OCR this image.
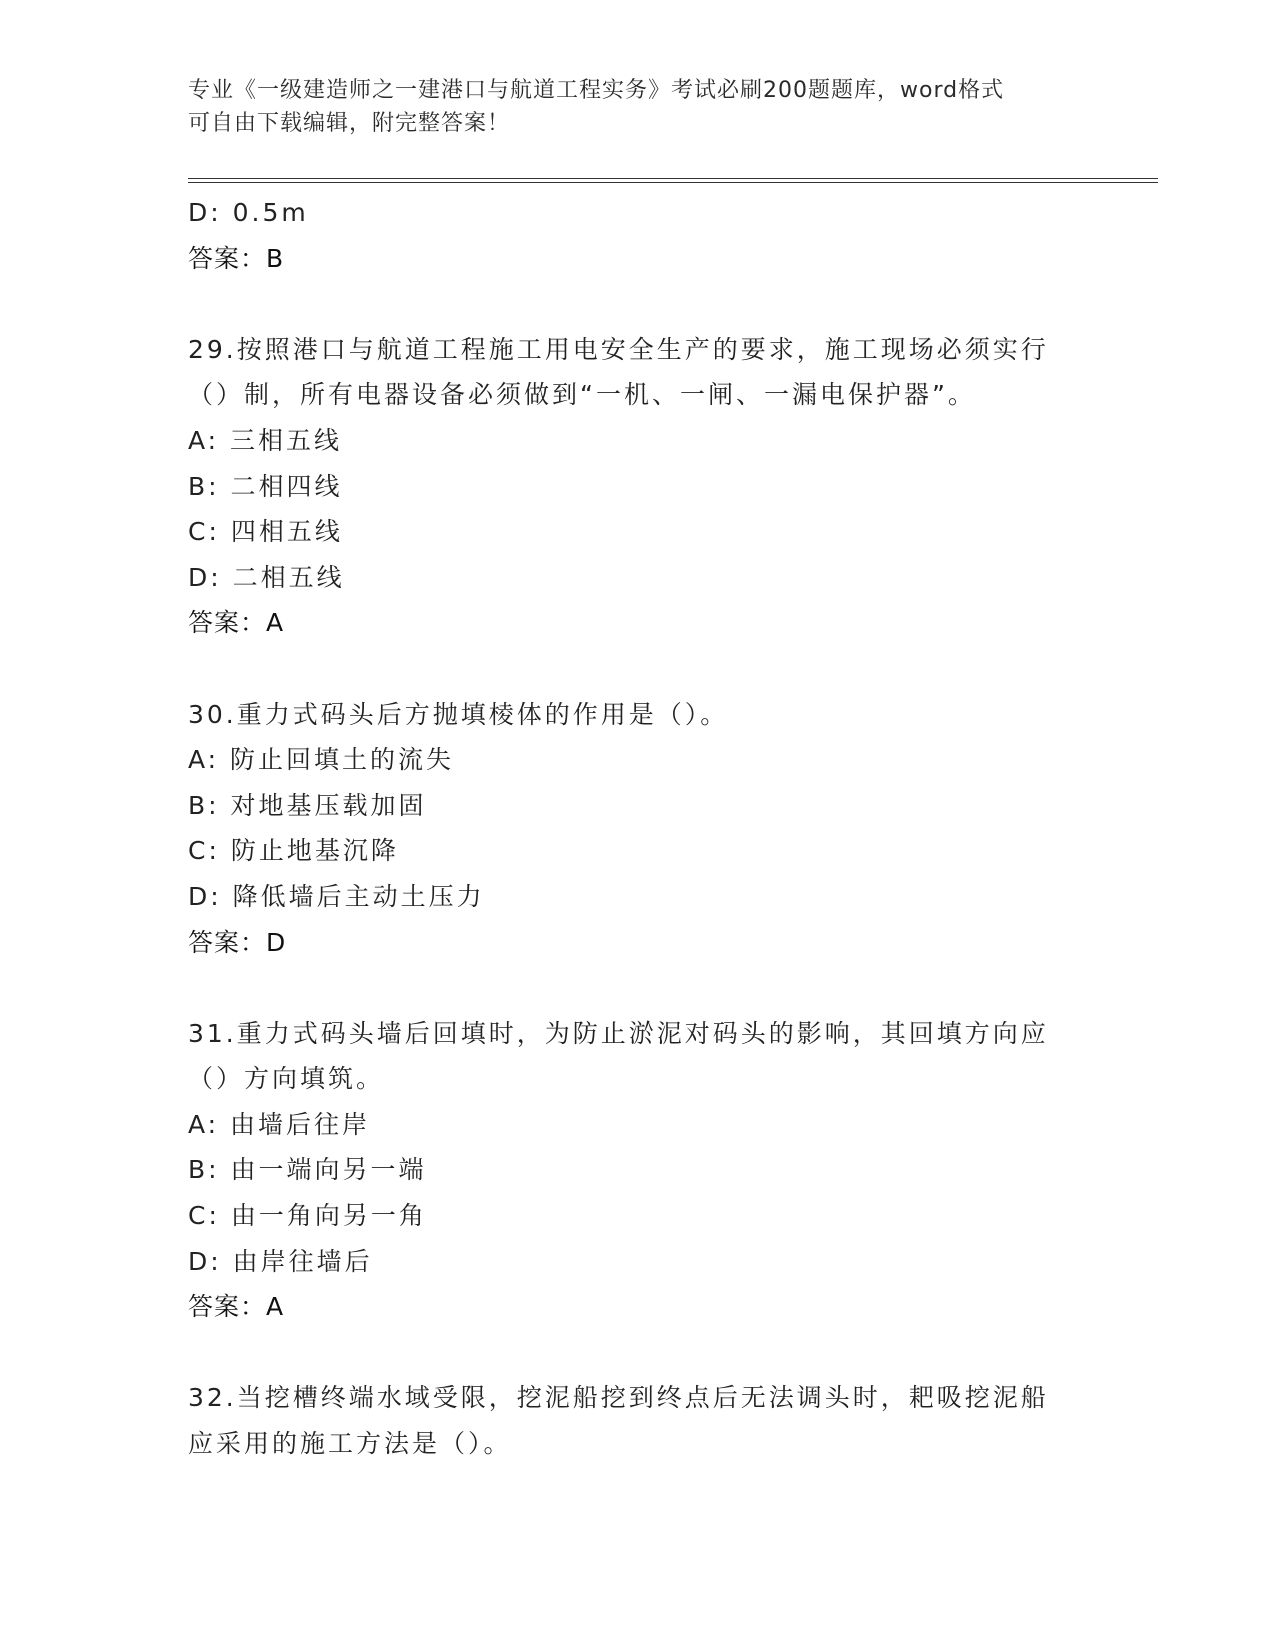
专业《一级建造师之一建港口与航道工程实务》考试必刷200题题库，word格式
可自由下载编辑，附完整答案！
D: 0.5m
答案：B
29.按照港口与航道工程施工用电安全生产的要求，施工现场必须实行
（）制，所有电器设备必须做到“一机、一闸、一漏电保护器”。
A: 三相五线
B: 二相四线
C: 四相五线
D: 二相五线
答案：A
30.重力式码头后方抛填棱体的作用是（）。
A: 防止回填土的流失
B: 对地基压载加固
C: 防止地基沉降
D: 降低墙后主动土压力
答案：D
31.重力式码头墙后回填时，为防止淤泥对码头的影响，其回填方向应
（）方向填筑。
A: 由墙后往岸
B: 由一端向另一端
C: 由一角向另一角
D: 由岸往墙后
答案：A
32.当挖槽终端水域受限，挖泥船挖到终点后无法调头时，耙吸挖泥船
应采用的施工方法是（）。
